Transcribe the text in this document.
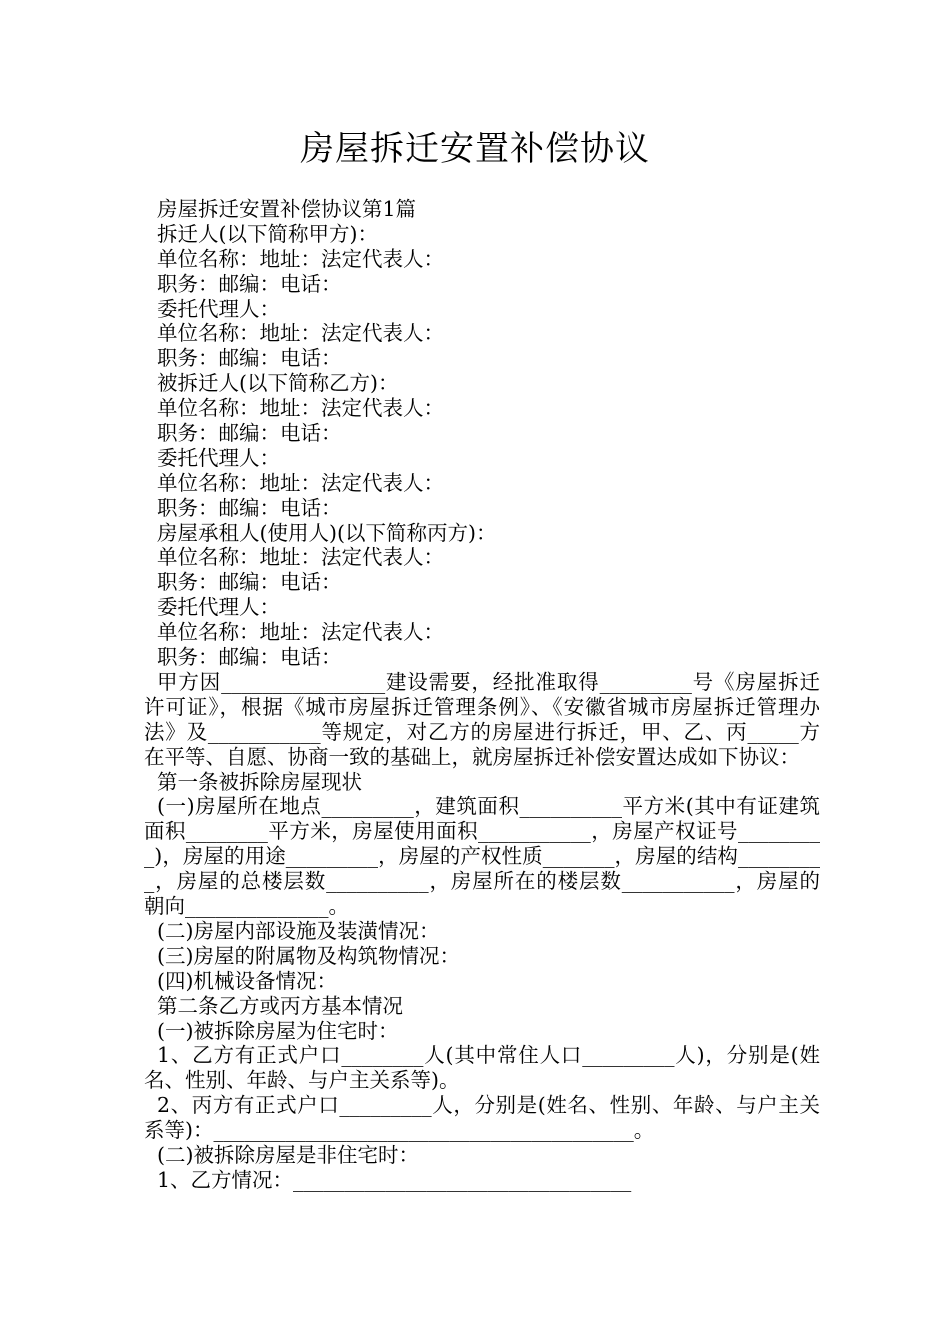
房屋拆迁安置补偿协议
房屋拆迁安置补偿协议第1篇
拆迁人(以下简称甲方)：
单位名称：地址：法定代表人：
职务：邮编：电话：
委托代理人：
单位名称：地址：法定代表人：
职务：邮编：电话：
被拆迁人(以下简称乙方)：
单位名称：地址：法定代表人：
职务：邮编：电话：
委托代理人：
单位名称：地址：法定代表人：
职务：邮编：电话：
房屋承租人(使用人)(以下简称丙方)：
单位名称：地址：法定代表人：
职务：邮编：电话：
委托代理人：
单位名称：地址：法定代表人：
职务：邮编：电话：
甲方因________________建设需要，经批准取得_________号《房屋拆迁许可证》，根据《城市房屋拆迁管理条例》、《安徽省城市房屋拆迁管理办法》及___________等规定，对乙方的房屋进行拆迁，甲、乙、丙_____方在平等、自愿、协商一致的基础上，就房屋拆迁补偿安置达成如下协议：
第一条被拆除房屋现状
(一)房屋所在地点_________，建筑面积__________平方米(其中有证建筑面积________平方米，房屋使用面积___________，房屋产权证号_________)，房屋的用途_________，房屋的产权性质_______，房屋的结构_________，房屋的总楼层数__________，房屋所在的楼层数___________，房屋的朝向______________。
(二)房屋内部设施及装潢情况：
(三)房屋的附属物及构筑物情况：
(四)机械设备情况：
第二条乙方或丙方基本情况
(一)被拆除房屋为住宅时：
1、乙方有正式户口________人(其中常住人口_________人)，分别是(姓名、性别、年龄、与户主关系等)。
2、丙方有正式户口_________人，分别是(姓名、性别、年龄、与户主关系等)：_________________________________________。
(二)被拆除房屋是非住宅时：
1、乙方情况：_________________________________
